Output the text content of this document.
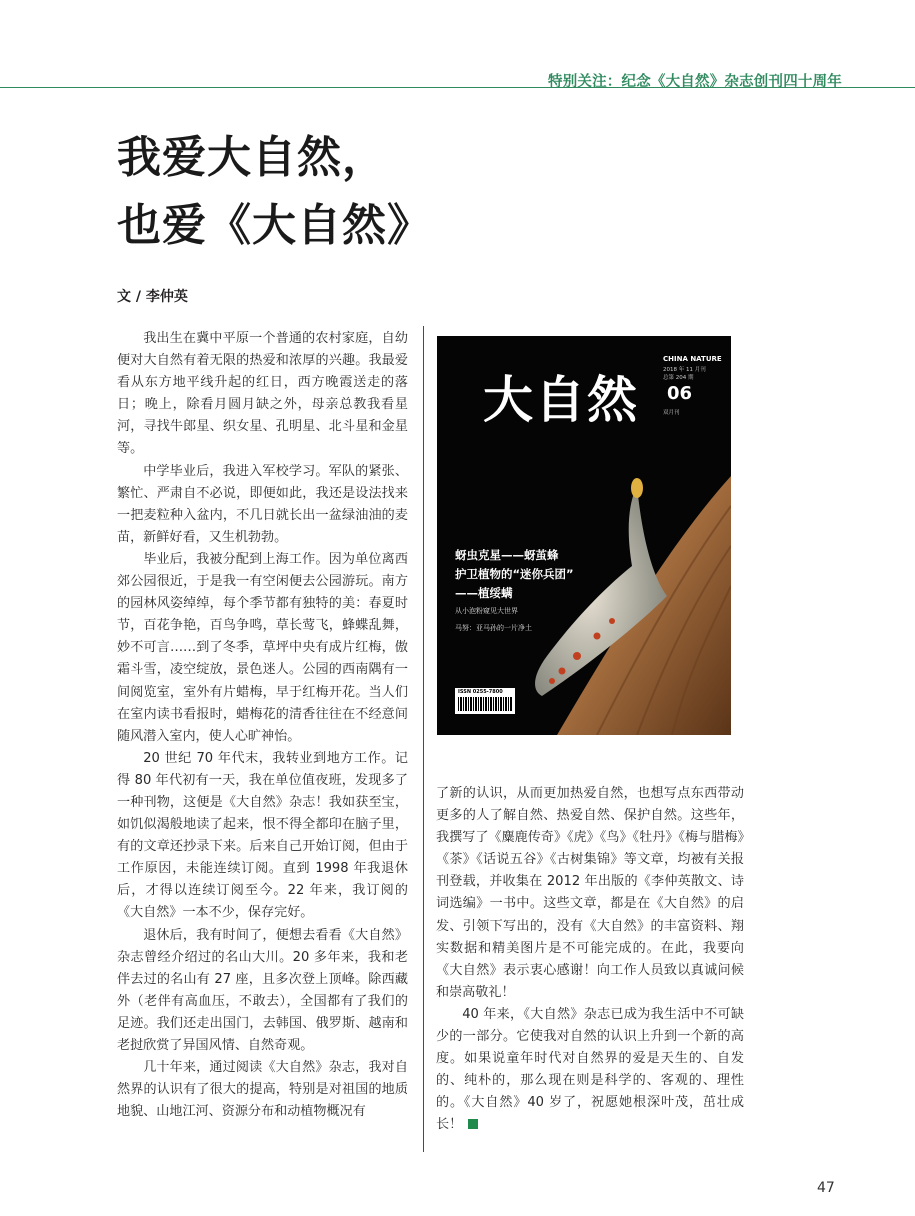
特别关注：纪念《大自然》杂志创刊四十周年
我爱大自然，
也爱《大自然》
文 / 李仲英

我出生在冀中平原一个普通的农村家庭，自幼便对大自然有着无限的热爱和浓厚的兴趣。我最爱看从东方地平线升起的红日，西方晚霞送走的落日；晚上，除看月圆月缺之外，母亲总教我看星河，寻找牛郎星、织女星、孔明星、北斗星和金星等。

中学毕业后，我进入军校学习。军队的紧张、繁忙、严肃自不必说，即便如此，我还是设法找来一把麦粒种入盆内，不几日就长出一盆绿油油的麦苗，新鲜好看，又生机勃勃。

毕业后，我被分配到上海工作。因为单位离西郊公园很近，于是我一有空闲便去公园游玩。南方的园林风姿绰绰，每个季节都有独特的美：春夏时节，百花争艳，百鸟争鸣，草长莺飞，蜂蝶乱舞，妙不可言……到了冬季，草坪中央有成片红梅，傲霜斗雪，凌空绽放，景色迷人。公园的西南隅有一间阅览室，室外有片蜡梅，早于红梅开花。当人们在室内读书看报时，蜡梅花的清香往往在不经意间随风潜入室内，使人心旷神怡。

20 世纪 70 年代末，我转业到地方工作。记得 80 年代初有一天，我在单位值夜班，发现多了一种刊物，这便是《大自然》杂志！我如获至宝，如饥似渴般地读了起来，恨不得全都印在脑子里，有的文章还抄录下来。后来自己开始订阅，但由于工作原因，未能连续订阅。直到 1998 年我退休后，才得以连续订阅至今。22 年来，我订阅的《大自然》一本不少，保存完好。

退休后，我有时间了，便想去看看《大自然》杂志曾经介绍过的名山大川。20 多年来，我和老伴去过的名山有 27 座，且多次登上顶峰。除西藏外（老伴有高血压，不敢去），全国都有了我们的足迹。我们还走出国门，去韩国、俄罗斯、越南和老挝欣赏了异国风情、自然奇观。

几十年来，通过阅读《大自然》杂志，我对自然界的认识有了很大的提高，特别是对祖国的地质地貌、山地江河、资源分布和动植物概况有

大自然
CHINA NATURE
2018 年 11 月刊
总第 204 期
06
双月刊
蚜虫克星——蚜茧蜂
护卫植物的“迷你兵团”
——植绥螨
从小泡粉窥见大世界
马努：亚马孙的一片净土
ISSN 0255-7800

了新的认识，从而更加热爱自然，也想写点东西带动更多的人了解自然、热爱自然、保护自然。这些年，我撰写了《麋鹿传奇》《虎》《鸟》《牡丹》《梅与腊梅》《茶》《话说五谷》《古树集锦》等文章，均被有关报刊登载，并收集在 2012 年出版的《李仲英散文、诗词选编》一书中。这些文章，都是在《大自然》的启发、引领下写出的，没有《大自然》的丰富资料、翔实数据和精美图片是不可能完成的。在此，我要向《大自然》表示衷心感谢！向工作人员致以真诚问候和崇高敬礼！

40 年来，《大自然》杂志已成为我生活中不可缺少的一部分。它使我对自然的认识上升到一个新的高度。如果说童年时代对自然界的爱是天生的、自发的、纯朴的，那么现在则是科学的、客观的、理性的。《大自然》40 岁了，祝愿她根深叶茂，茁壮成长！

47
